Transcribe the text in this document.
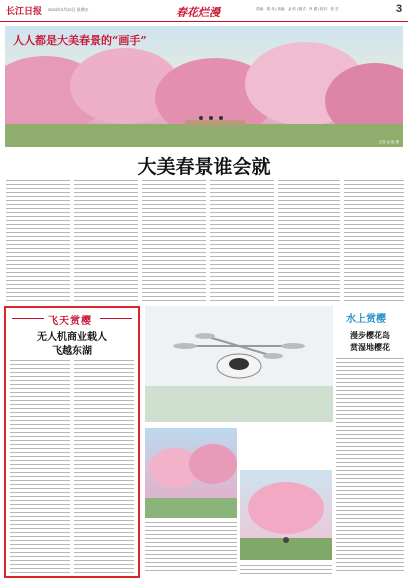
长江日报 2024年3月22日 星期五	春花烂漫	责编：胡 乔 | 美编：金 恒 | 版式：肖 潇 | 校对：张 芸	3
人人都是大美春景的“画手”
记者 金 振 摄
大美春景谁会就
飞天赏樱
无人机商业载人
飞越东湖
水上赏樱
漫步樱花岛
赏湿地樱花
